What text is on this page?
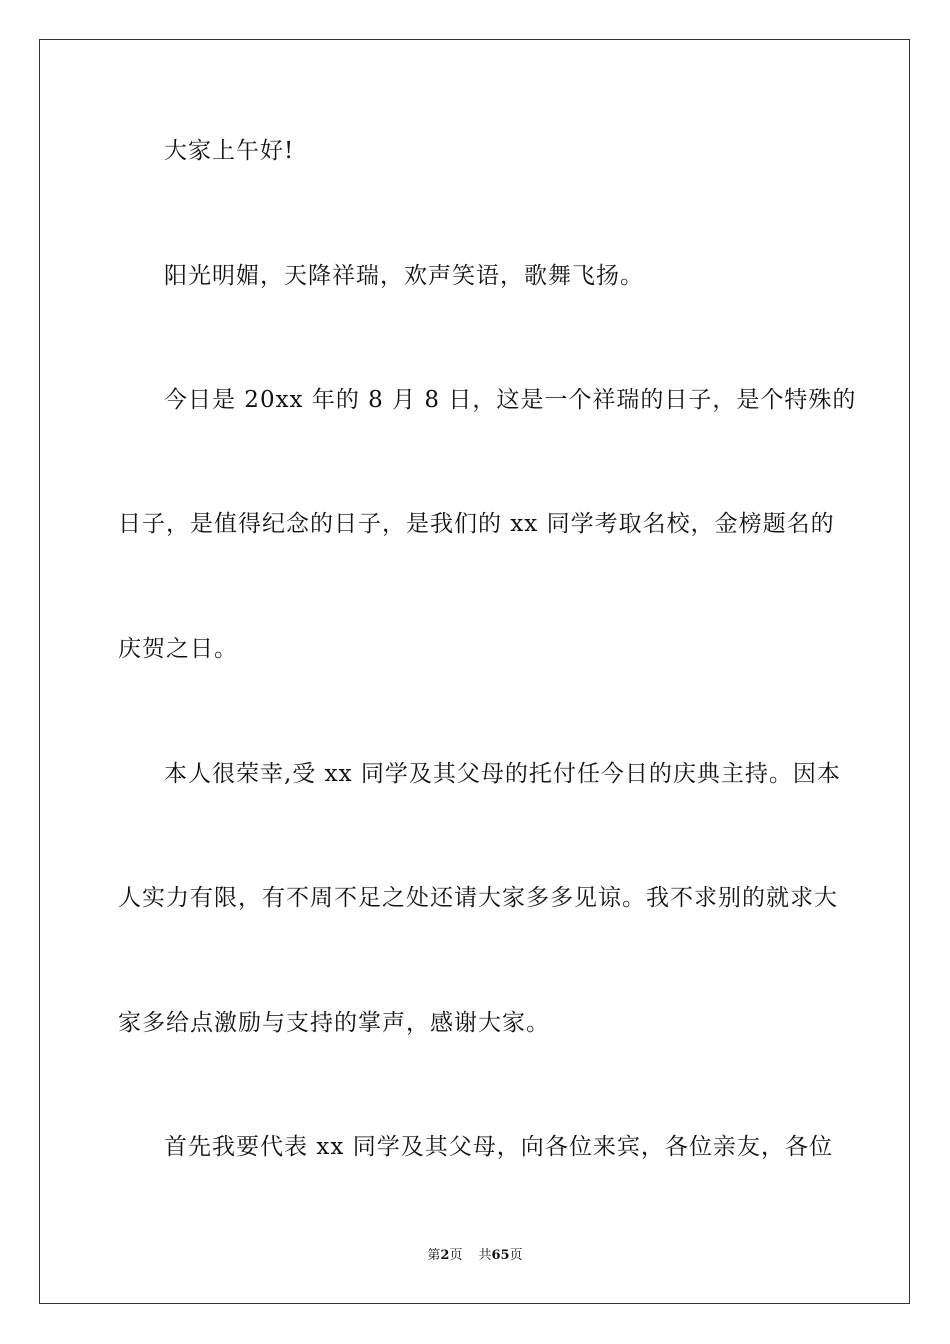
大家上午好!
阳光明媚，天降祥瑞，欢声笑语，歌舞飞扬。
今日是 20xx 年的 8 月 8 日，这是一个祥瑞的日子，是个特殊的
日子，是值得纪念的日子，是我们的 xx 同学考取名校，金榜题名的
庆贺之日。
本人很荣幸,受 xx 同学及其父母的托付任今日的庆典主持。因本
人实力有限，有不周不足之处还请大家多多见谅。我不求别的就求大
家多给点激励与支持的掌声，感谢大家。
首先我要代表 xx 同学及其父母，向各位来宾，各位亲友，各位
第2页 共65页
